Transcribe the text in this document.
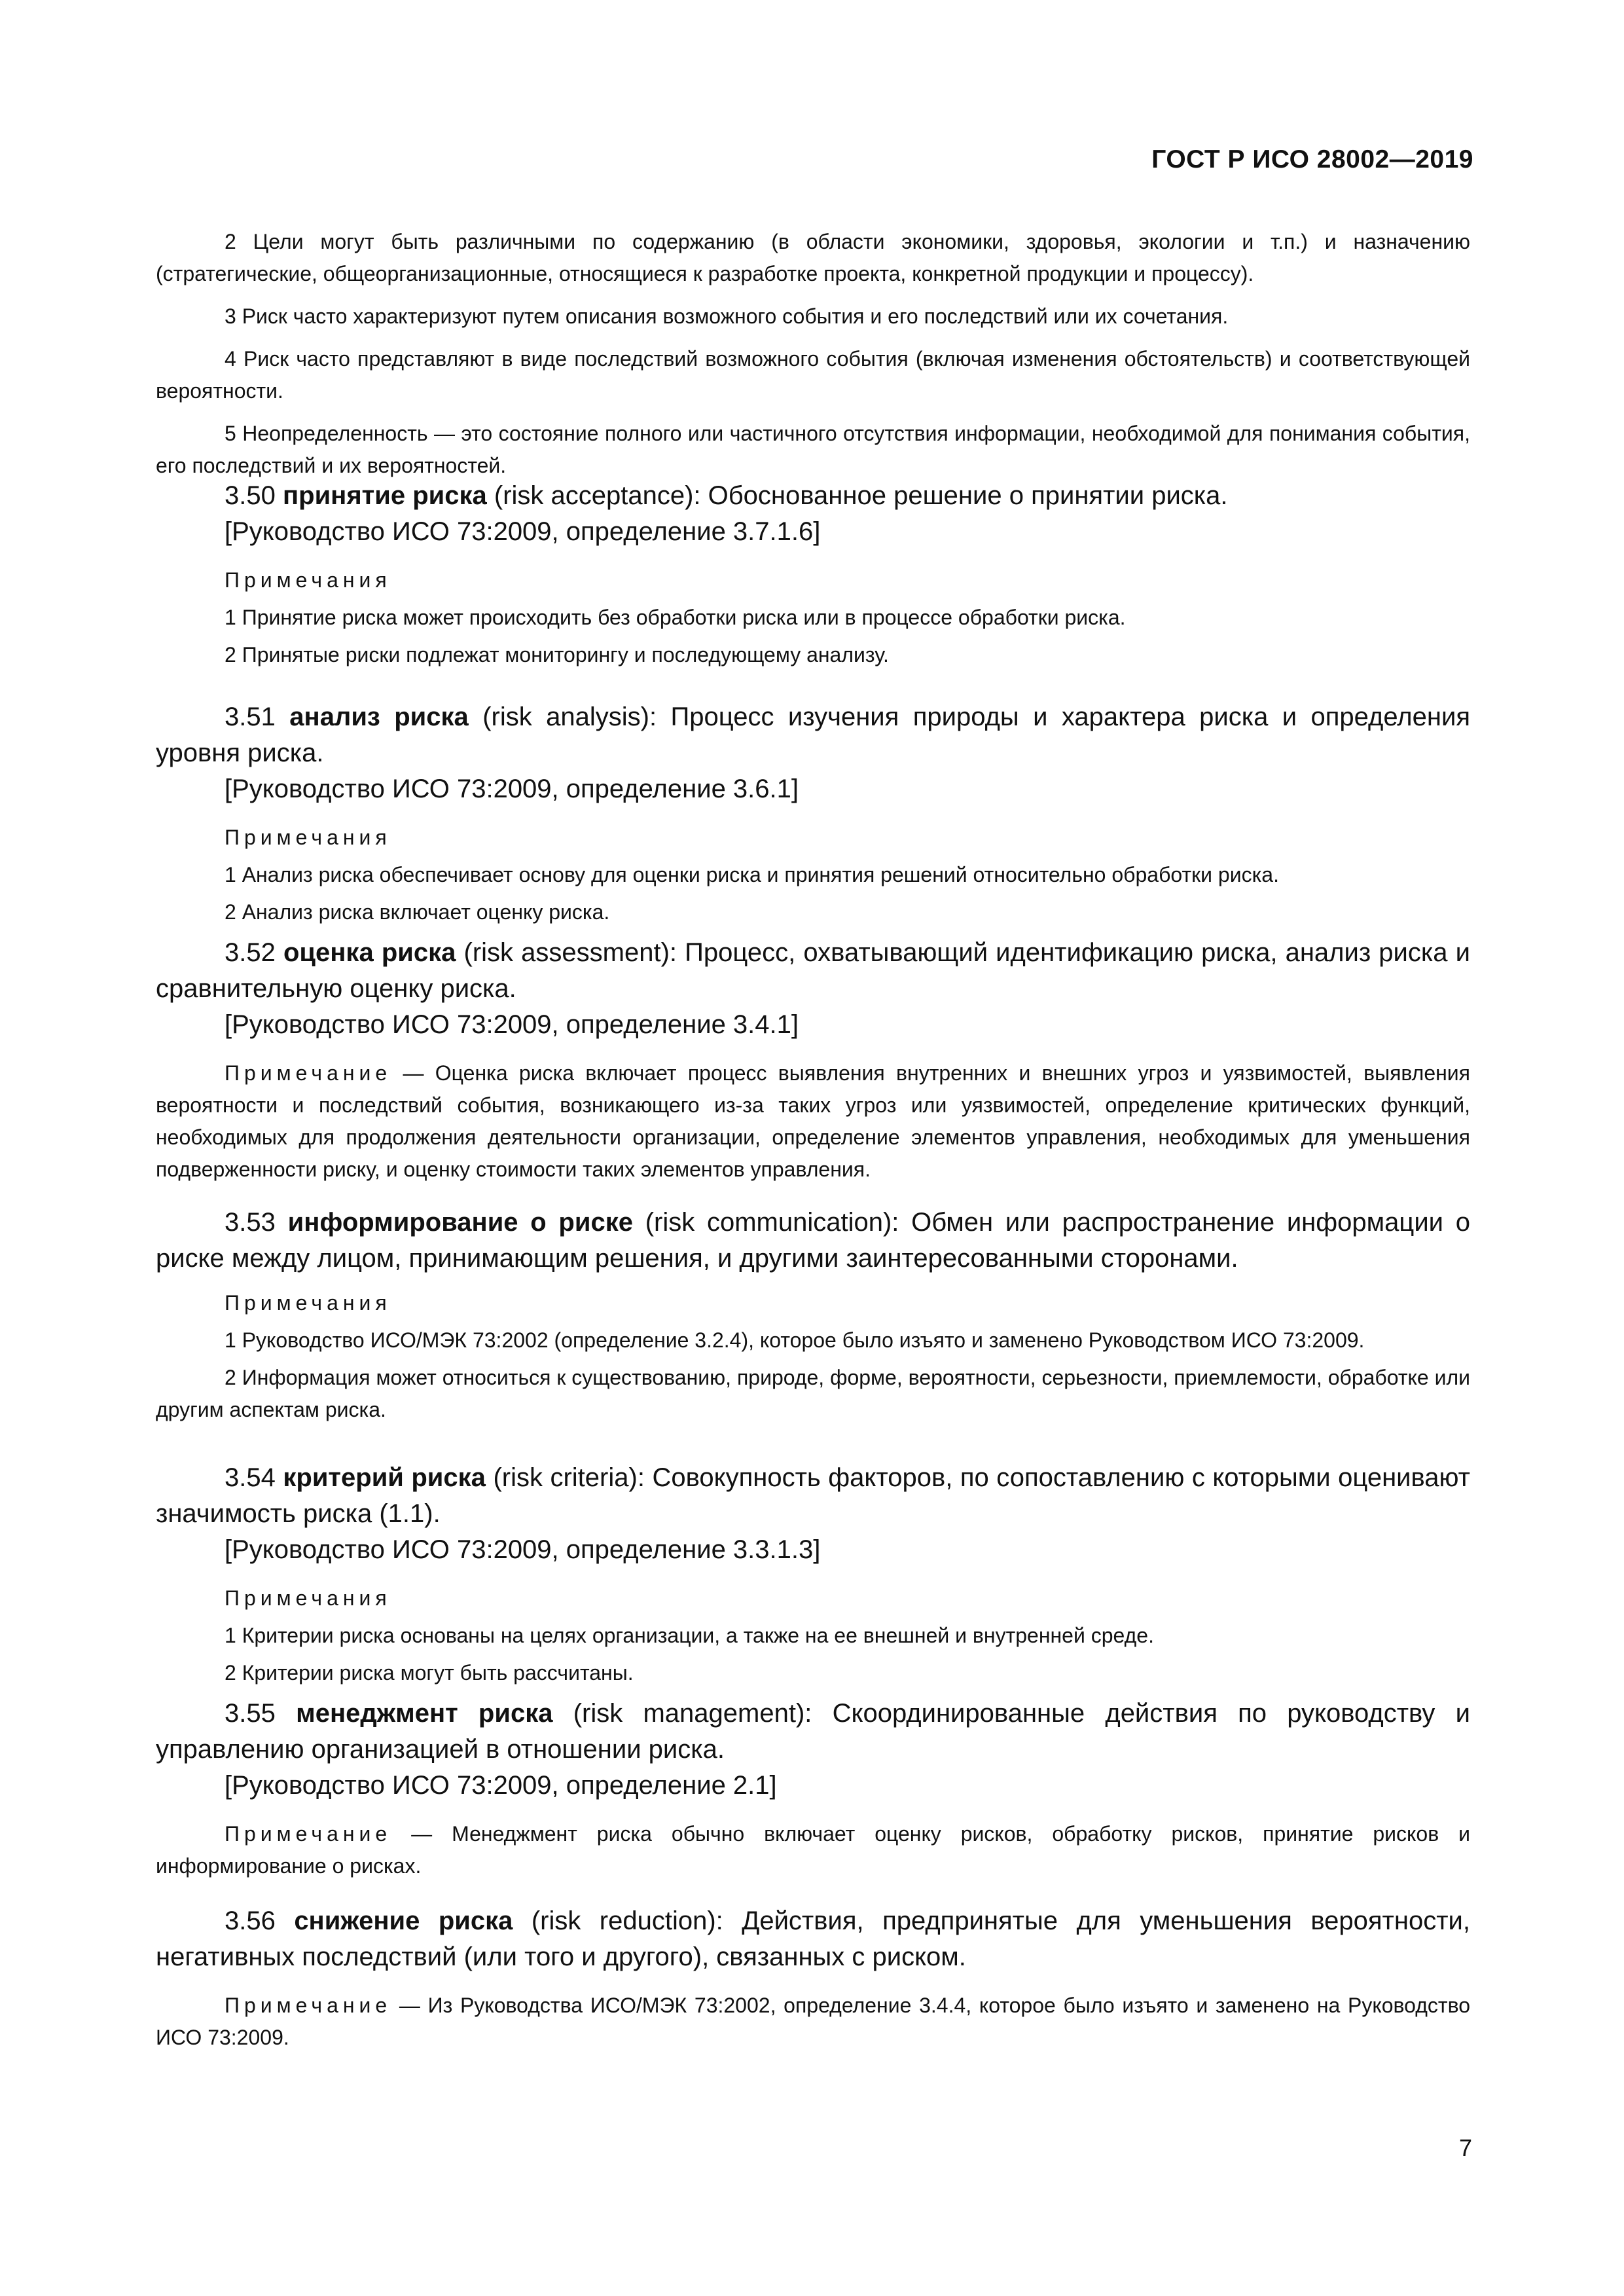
ГОСТ Р ИСО 28002—2019

2 Цели могут быть различными по содержанию (в области экономики, здоровья, экологии и т.п.) и назначению (стратегические, общеорганизационные, относящиеся к разработке проекта, конкретной продукции и процессу).

3 Риск часто характеризуют путем описания возможного события и его последствий или их сочетания.

4 Риск часто представляют в виде последствий возможного события (включая изменения обстоятельств) и соответствующей вероятности.

5 Неопределенность — это состояние полного или частичного отсутствия информации, необходимой для понимания события, его последствий и их вероятностей.

3.50 принятие риска (risk acceptance): Обоснованное решение о принятии риска.

[Руководство ИСО 73:2009, определение 3.7.1.6]

Примечания

1 Принятие риска может происходить без обработки риска или в процессе обработки риска.

2 Принятые риски подлежат мониторингу и последующему анализу.

3.51 анализ риска (risk analysis): Процесс изучения природы и характера риска и определения уровня риска.

[Руководство ИСО 73:2009, определение 3.6.1]

Примечания

1 Анализ риска обеспечивает основу для оценки риска и принятия решений относительно обработки риска.

2 Анализ риска включает оценку риска.

3.52 оценка риска (risk assessment): Процесс, охватывающий идентификацию риска, анализ риска и сравнительную оценку риска.

[Руководство ИСО 73:2009, определение 3.4.1]

Примечание — Оценка риска включает процесс выявления внутренних и внешних угроз и уязвимостей, выявления вероятности и последствий события, возникающего из-за таких угроз или уязвимостей, определение критических функций, необходимых для продолжения деятельности организации, определение элементов управления, необходимых для уменьшения подверженности риску, и оценку стоимости таких элементов управления.

3.53 информирование о риске (risk communication): Обмен или распространение информации о риске между лицом, принимающим решения, и другими заинтересованными сторонами.

Примечания

1 Руководство ИСО/МЭК 73:2002 (определение 3.2.4), которое было изъято и заменено Руководством ИСО 73:2009.

2 Информация может относиться к существованию, природе, форме, вероятности, серьезности, приемлемости, обработке или другим аспектам риска.

3.54 критерий риска (risk criteria): Совокупность факторов, по сопоставлению с которыми оценивают значимость риска (1.1).

[Руководство ИСО 73:2009, определение 3.3.1.3]

Примечания

1 Критерии риска основаны на целях организации, а также на ее внешней и внутренней среде.

2 Критерии риска могут быть рассчитаны.

3.55 менеджмент риска (risk management): Скоординированные действия по руководству и управлению организацией в отношении риска.

[Руководство ИСО 73:2009, определение 2.1]

Примечание — Менеджмент риска обычно включает оценку рисков, обработку рисков, принятие рисков и информирование о рисках.

3.56 снижение риска (risk reduction): Действия, предпринятые для уменьшения вероятности, негативных последствий (или того и другого), связанных с риском.

Примечание — Из Руководства ИСО/МЭК 73:2002, определение 3.4.4, которое было изъято и заменено на Руководство ИСО 73:2009.

7
